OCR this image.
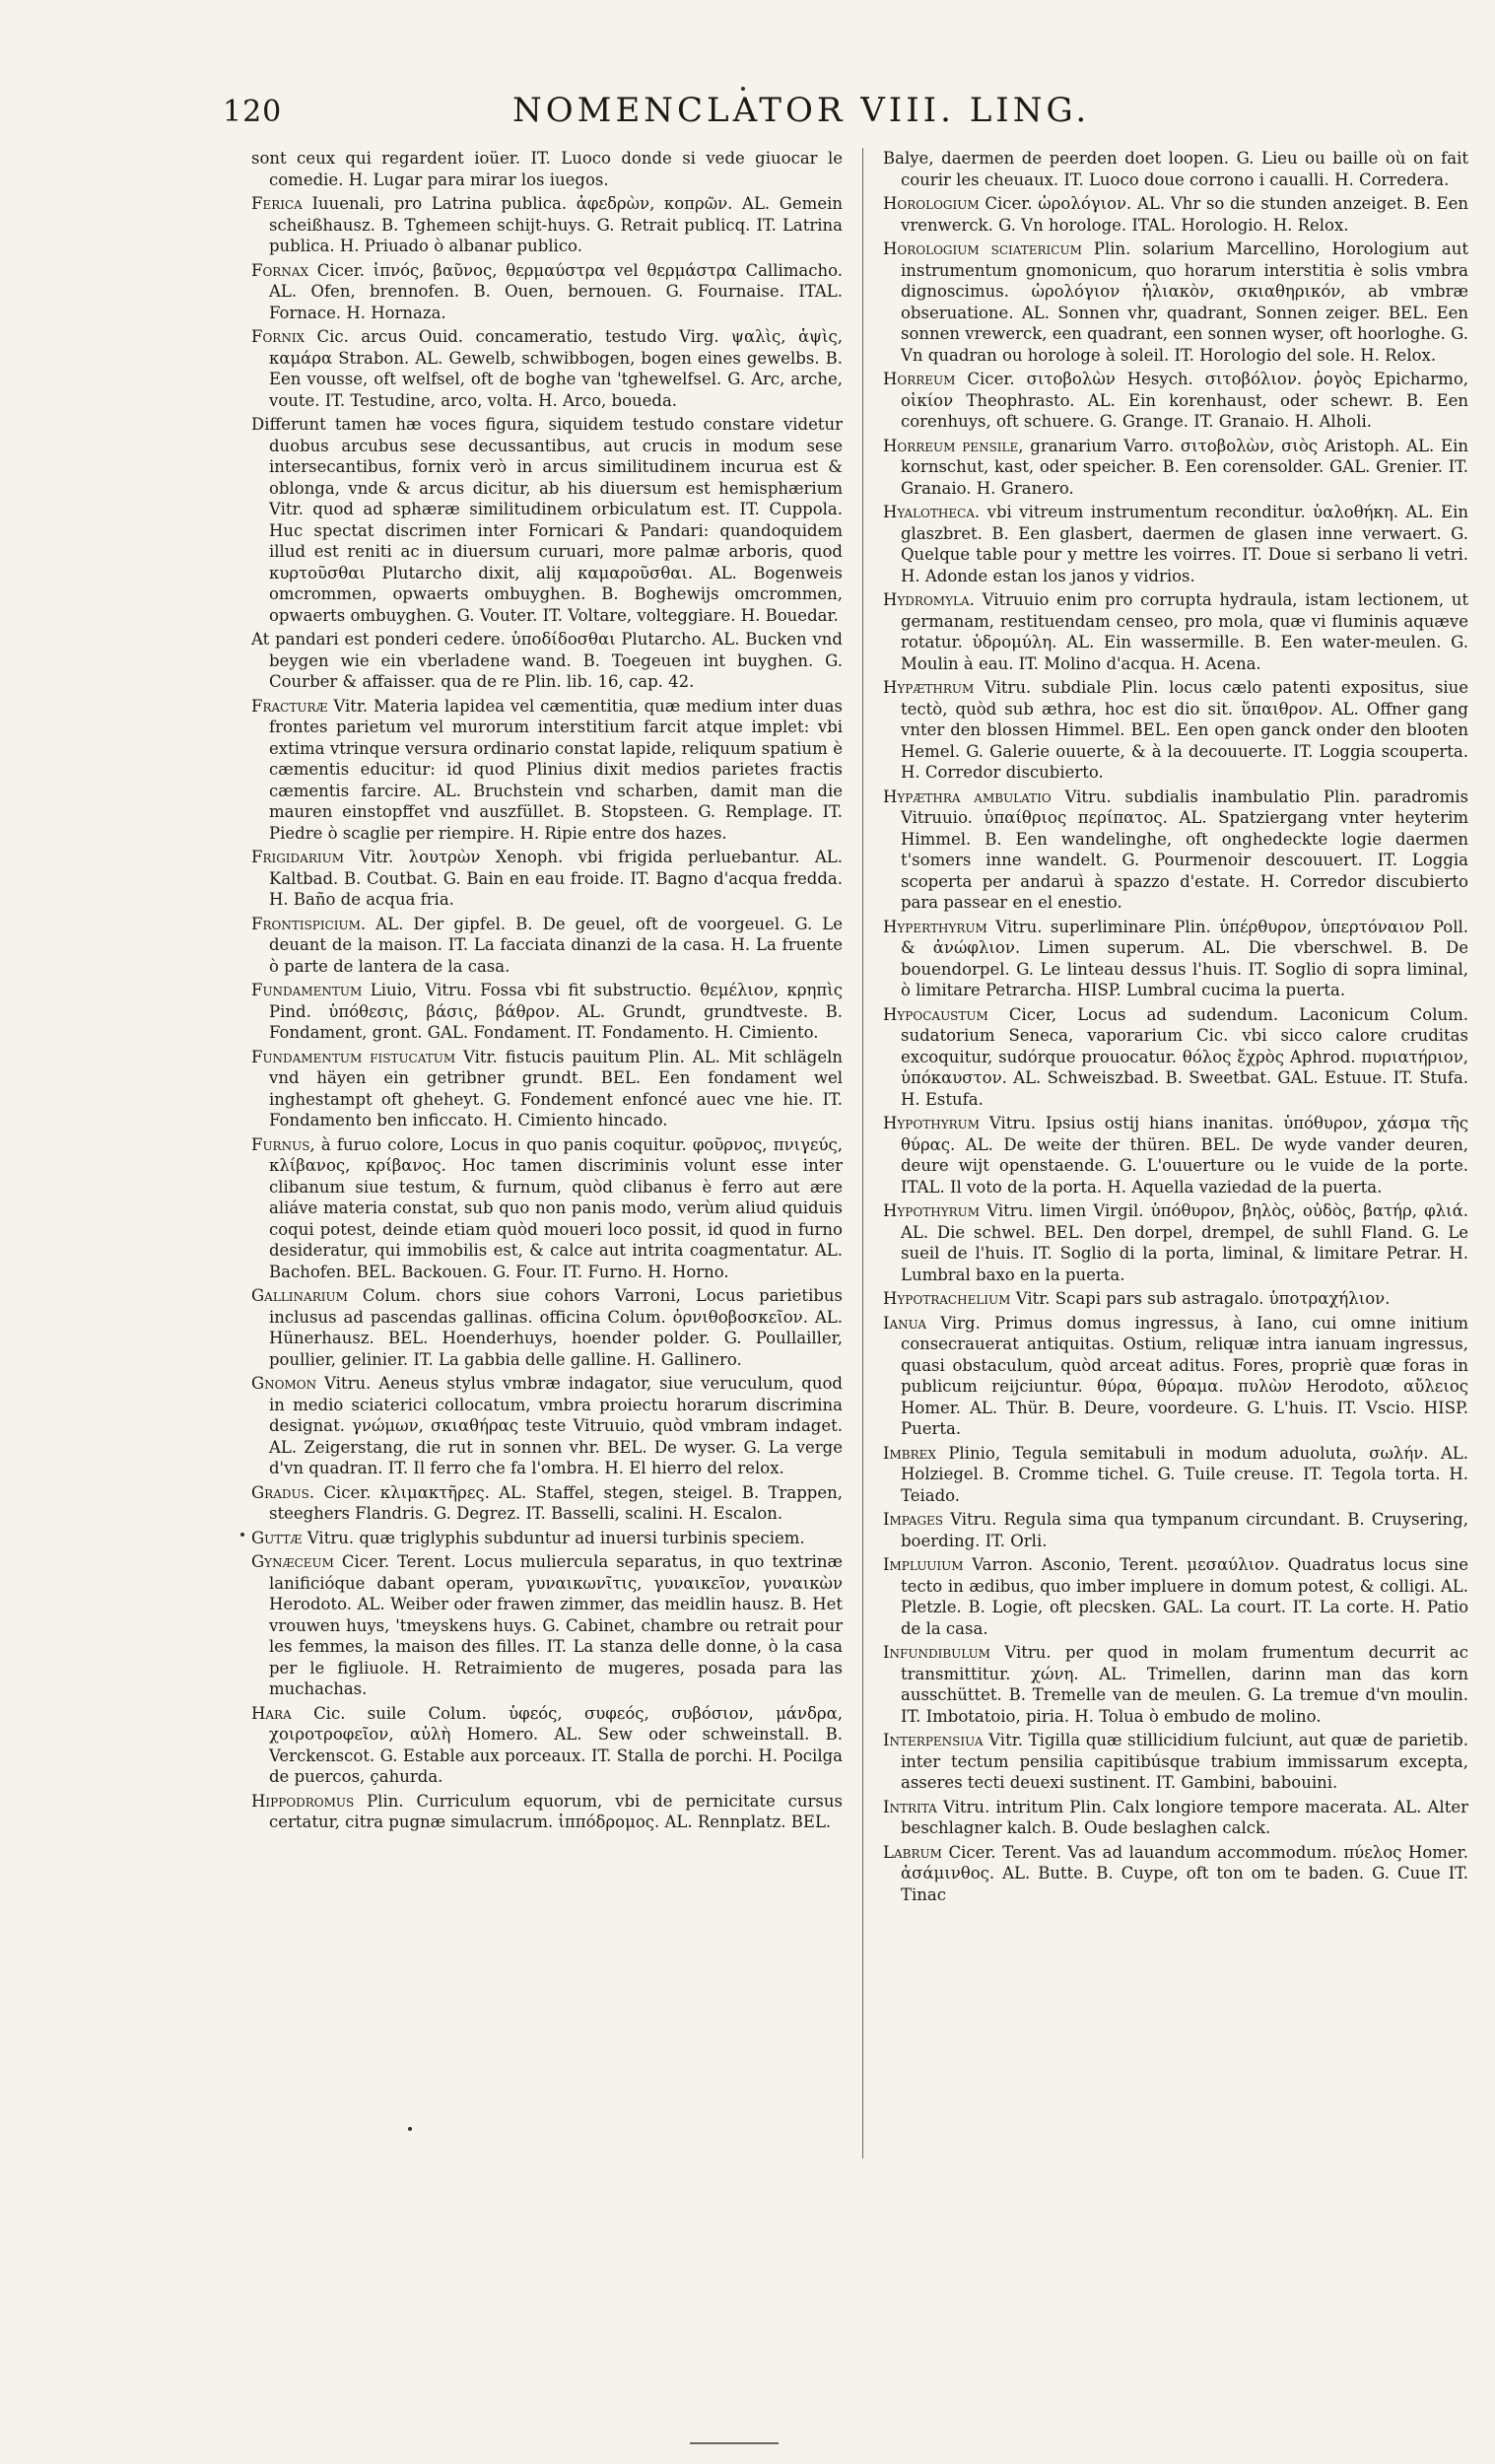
120	NOMENCLATOR VIII. LING.

sont ceux qui regardent ioüer. IT. Luoco donde si vede giuocar le comedie. H. Lugar para mirar los iuegos.

Ferica Iuuenali, pro Latrina publica. ἀφεδρὼν, κοπρῶν. AL. Gemein scheißhausz. B. Tghemeen schijt-huys. G. Retrait publicq. IT. Latrina publica. H. Priuado ò albanar publico.

Fornax Cicer. ἰπνός, βαῦνος, θερμαύστρα vel θερμάστρα Callimacho. AL. Ofen, brennofen. B. Ouen, bernouen. G. Fournaise. ITAL. Fornace. H. Hornaza.

Fornix Cic. arcus Ouid. concameratio, testudo Virg. ψαλὶς, ἁψὶς, καμάρα Strabon. AL. Gewelb, schwibbogen, bogen eines gewelbs. B. Een vousse, oft welfsel, oft de boghe van 'tghewelfsel. G. Arc, arche, voute. IT. Testudine, arco, volta. H. Arco, boueda.

Differunt tamen hæ voces figura, siquidem testudo constare videtur duobus arcubus sese decussantibus, aut crucis in modum sese intersecantibus, fornix verò in arcus similitudinem incurua est & oblonga, vnde & arcus dicitur, ab his diuersum est hemisphærium Vitr. quod ad sphæræ similitudinem orbiculatum est. IT. Cuppola. Huc spectat discrimen inter Fornicari & Pandari: quandoquidem illud est reniti ac in diuersum curuari, more palmæ arboris, quod κυρτοῦσθαι Plutarcho dixit, alij καμαροῦσθαι. AL. Bogenweis omcrommen, opwaerts ombuyghen. B. Boghewijs omcrommen, opwaerts ombuyghen. G. Vouter. IT. Voltare, volteggiare. H. Bouedar.

At pandari est ponderi cedere. ὑποδίδοσθαι Plutarcho. AL. Bucken vnd beygen wie ein vberladene wand. B. Toegeuen int buyghen. G. Courber & affaisser. qua de re Plin. lib. 16, cap. 42.

Fracturæ Vitr. Materia lapidea vel cæmentitia, quæ medium inter duas frontes parietum vel murorum interstitium farcit atque implet: vbi extima vtrinque versura ordinario constat lapide, reliquum spatium è cæmentis educitur: id quod Plinius dixit medios parietes fractis cæmentis farcire. AL. Bruchstein vnd scharben, damit man die mauren einstopffet vnd auszfüllet. B. Stopsteen. G. Remplage. IT. Piedre ò scaglie per riempire. H. Ripie entre dos hazes.

Frigidarium Vitr. λουτρὼν Xenoph. vbi frigida perluebantur. AL. Kaltbad. B. Coutbat. G. Bain en eau froide. IT. Bagno d'acqua fredda. H. Baño de acqua fria.

Frontispicium. AL. Der gipfel. B. De geuel, oft de voorgeuel. G. Le deuant de la maison. IT. La facciata dinanzi de la casa. H. La fruente ò parte de lantera de la casa.

Fundamentum Liuio, Vitru. Fossa vbi fit substructio. θεμέλιον, κρηπὶς Pind. ὑπόθεσις, βάσις, βάθρον. AL. Grundt, grundtveste. B. Fondament, gront. GAL. Fondament. IT. Fondamento. H. Cimiento.

Fundamentum fistucatum Vitr. fistucis pauitum Plin. AL. Mit schlägeln vnd häyen ein getribner grundt. BEL. Een fondament wel inghestampt oft gheheyt. G. Fondement enfoncé auec vne hie. IT. Fondamento ben inficcato. H. Cimiento hincado.

Furnus, à furuo colore, Locus in quo panis coquitur. φοῦρνος, πνιγεύς, κλίβανος, κρίβανος. Hoc tamen discriminis volunt esse inter clibanum siue testum, & furnum, quòd clibanus è ferro aut ære aliáve materia constat, sub quo non panis modo, verùm aliud quiduis coqui potest, deinde etiam quòd moueri loco possit, id quod in furno desideratur, qui immobilis est, & calce aut intrita coagmentatur. AL. Bachofen. BEL. Backouen. G. Four. IT. Furno. H. Horno.

Gallinarium Colum. chors siue cohors Varroni, Locus parietibus inclusus ad pascendas gallinas. officina Colum. ὀρνιθοβοσκεῖον. AL. Hünerhausz. BEL. Hoenderhuys, hoender polder. G. Poullailler, poullier, gelinier. IT. La gabbia delle galline. H. Gallinero.

Gnomon Vitru. Aeneus stylus vmbræ indagator, siue veruculum, quod in medio sciaterici collocatum, vmbra proiectu horarum discrimina designat. γνώμων, σκιαθήρας teste Vitruuio, quòd vmbram indaget. AL. Zeigerstang, die rut in sonnen vhr. BEL. De wyser. G. La verge d'vn quadran. IT. Il ferro che fa l'ombra. H. El hierro del relox.

Gradus. Cicer. κλιμακτῆρες. AL. Staffel, stegen, steigel. B. Trappen, steeghers Flandris. G. Degrez. IT. Basselli, scalini. H. Escalon.

Guttæ Vitru. quæ triglyphis subduntur ad inuersi turbinis speciem.

Gynæceum Cicer. Terent. Locus muliercula separatus, in quo textrinæ lanificióque dabant operam, γυναικωνῖτις, γυναικεῖον, γυναικὼν Herodoto. AL. Weiber oder frawen zimmer, das meidlin hausz. B. Het vrouwen huys, 'tmeyskens huys. G. Cabinet, chambre ou retrait pour les femmes, la maison des filles. IT. La stanza delle donne, ò la casa per le figliuole. H. Retraimiento de mugeres, posada para las muchachas.

Hara Cic. suile Colum. ὑφεός, συφεός, συβόσιον, μάνδρα, χοιροτροφεῖον, αὐλὴ Homero. AL. Sew oder schweinstall. B. Verckenscot. G. Estable aux porceaux. IT. Stalla de porchi. H. Pocilga de puercos, çahurda.

Hippodromus Plin. Curriculum equorum, vbi de pernicitate cursus certatur, citra pugnæ simulacrum. ἱππόδρομος. AL. Rennplatz. BEL.

Balye, daermen de peerden doet loopen. G. Lieu ou baille où on fait courir les cheuaux. IT. Luoco doue corrono i caualli. H. Corredera.

Horologium Cicer. ὡρολόγιον. AL. Vhr so die stunden anzeiget. B. Een vrenwerck. G. Vn horologe. ITAL. Horologio. H. Relox.

Horologium sciatericum Plin. solarium Marcellino, Horologium aut instrumentum gnomonicum, quo horarum interstitia è solis vmbra dignoscimus. ὡρολόγιον ἡλιακὸν, σκιαθηρικόν, ab vmbræ obseruatione. AL. Sonnen vhr, quadrant, Sonnen zeiger. BEL. Een sonnen vrewerck, een quadrant, een sonnen wyser, oft hoorloghe. G. Vn quadran ou horologe à soleil. IT. Horologio del sole. H. Relox.

Horreum Cicer. σιτοβολὼν Hesych. σιτοβόλιον. ῥογὸς Epicharmo, οἰκίον Theophrasto. AL. Ein korenhaust, oder schewr. B. Een corenhuys, oft schuere. G. Grange. IT. Granaio. H. Alholi.

Horreum pensile, granarium Varro. σιτοβολὼν, σιὸς Aristoph. AL. Ein kornschut, kast, oder speicher. B. Een corensolder. GAL. Grenier. IT. Granaio. H. Granero.

Hyalotheca. vbi vitreum instrumentum reconditur. ὑαλοθήκη. AL. Ein glaszbret. B. Een glasbert, daermen de glasen inne verwaert. G. Quelque table pour y mettre les voirres. IT. Doue si serbano li vetri. H. Adonde estan los janos y vidrios.

Hydromyla. Vitruuio enim pro corrupta hydraula, istam lectionem, ut germanam, restituendam censeo, pro mola, quæ vi fluminis aquæve rotatur. ὑδρομύλη. AL. Ein wassermille. B. Een water-meulen. G. Moulin à eau. IT. Molino d'acqua. H. Acena.

Hypæthrum Vitru. subdiale Plin. locus cælo patenti expositus, siue tectò, quòd sub æthra, hoc est dio sit. ὕπαιθρον. AL. Offner gang vnter den blossen Himmel. BEL. Een open ganck onder den blooten Hemel. G. Galerie ouuerte, & à la decouuerte. IT. Loggia scouperta. H. Corredor discubierto.

Hypæthra ambulatio Vitru. subdialis inambulatio Plin. paradromis Vitruuio. ὑπαίθριος περίπατος. AL. Spatziergang vnter heyterim Himmel. B. Een wandelinghe, oft onghedeckte logie daermen t'somers inne wandelt. G. Pourmenoir descouuert. IT. Loggia scoperta per andaruì à spazzo d'estate. H. Corredor discubierto para passear en el enestio.

Hyperthyrum Vitru. superliminare Plin. ὑπέρθυρον, ὑπερτόναιον Poll. & ἀνώφλιον. Limen superum. AL. Die vberschwel. B. De bouendorpel. G. Le linteau dessus l'huis. IT. Soglio di sopra liminal, ò limitare Petrarcha. HISP. Lumbral cucima la puerta.

Hypocaustum Cicer, Locus ad sudendum. Laconicum Colum. sudatorium Seneca, vaporarium Cic. vbi sicco calore cruditas excoquitur, sudórque prouocatur. θόλος ἔχρὸς Aphrod. πυριατήριον, ὑπόκαυστον. AL. Schweiszbad. B. Sweetbat. GAL. Estuue. IT. Stufa. H. Estufa.

Hypothyrum Vitru. Ipsius ostij hians inanitas. ὑπόθυρον, χάσμα τῆς θύρας. AL. De weite der thüren. BEL. De wyde vander deuren, deure wijt openstaende. G. L'ouuerture ou le vuide de la porte. ITAL. Il voto de la porta. H. Aquella vaziedad de la puerta.

Hypothyrum Vitru. limen Virgil. ὑπόθυρον, βηλὸς, οὐδὸς, βατήρ, φλιά. AL. Die schwel. BEL. Den dorpel, drempel, de suhll Fland. G. Le sueil de l'huis. IT. Soglio di la porta, liminal, & limitare Petrar. H. Lumbral baxo en la puerta.

Hypotrachelium Vitr. Scapi pars sub astragalo. ὑποτραχήλιον.

Ianua Virg. Primus domus ingressus, à Iano, cui omne initium consecrauerat antiquitas. Ostium, reliquæ intra ianuam ingressus, quasi obstaculum, quòd arceat aditus. Fores, propriè quæ foras in publicum reijciuntur. θύρα, θύραμα. πυλὼν Herodoto, αὔλειος Homer. AL. Thür. B. Deure, voordeure. G. L'huis. IT. Vscio. HISP. Puerta.

Imbrex Plinio, Tegula semitabuli in modum aduoluta, σωλήν. AL. Holziegel. B. Cromme tichel. G. Tuile creuse. IT. Tegola torta. H. Teiado.

Impages Vitru. Regula sima qua tympanum circundant. B. Cruysering, boerding. IT. Orli.

Impluuium Varron. Asconio, Terent. μεσαύλιον. Quadratus locus sine tecto in ædibus, quo imber impluere in domum potest, & colligi. AL. Pletzle. B. Logie, oft plecsken. GAL. La court. IT. La corte. H. Patio de la casa.

Infundibulum Vitru. per quod in molam frumentum decurrit ac transmittitur. χώνη. AL. Trimellen, darinn man das korn ausschüttet. B. Tremelle van de meulen. G. La tremue d'vn moulin. IT. Imbotatoio, piria. H. Tolua ò embudo de molino.

Interpensiua Vitr. Tigilla quæ stillicidium fulciunt, aut quæ de parietib. inter tectum pensilia capitibúsque trabium immissarum excepta, asseres tecti deuexi sustinent. IT. Gambini, babouini.

Intrita Vitru. intritum Plin. Calx longiore tempore macerata. AL. Alter beschlagner kalch. B. Oude beslaghen calck.

Labrum Cicer. Terent. Vas ad lauandum accommodum. πύελος Homer. ἀσάμινθος. AL. Butte. B. Cuype, oft ton om te baden. G. Cuue IT. Tinac
